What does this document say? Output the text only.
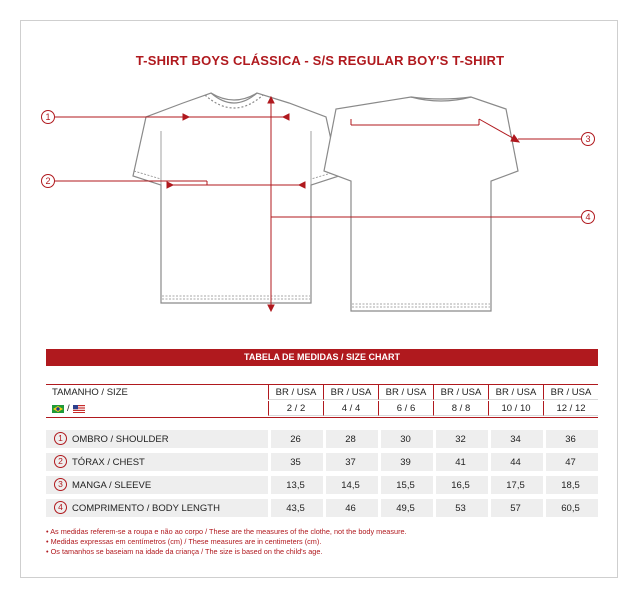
T-SHIRT BOYS CLÁSSICA - S/S REGULAR BOY'S T-SHIRT
1
2
3
4
TABELA DE MEDIDAS / SIZE CHART
TAMANHO / SIZE	BR / USA	BR / USA	BR / USA	BR / USA	BR / USA	BR / USA
/	2 / 2	4 / 4	6 / 6	8 / 8	10 / 10	12 / 12
1 OMBRO / SHOULDER	26	28	30	32	34	36
2 TÓRAX / CHEST	35	37	39	41	44	47
3 MANGA / SLEEVE	13,5	14,5	15,5	16,5	17,5	18,5
4 COMPRIMENTO / BODY LENGTH	43,5	46	49,5	53	57	60,5
• As medidas referem-se a roupa e não ao corpo / These are the measures of the clothe, not the body measure.
• Medidas expressas em centímetros (cm) / These measures are in centimeters (cm).
• Os tamanhos se baseiam na idade da criança / The size is based on the child's age.
